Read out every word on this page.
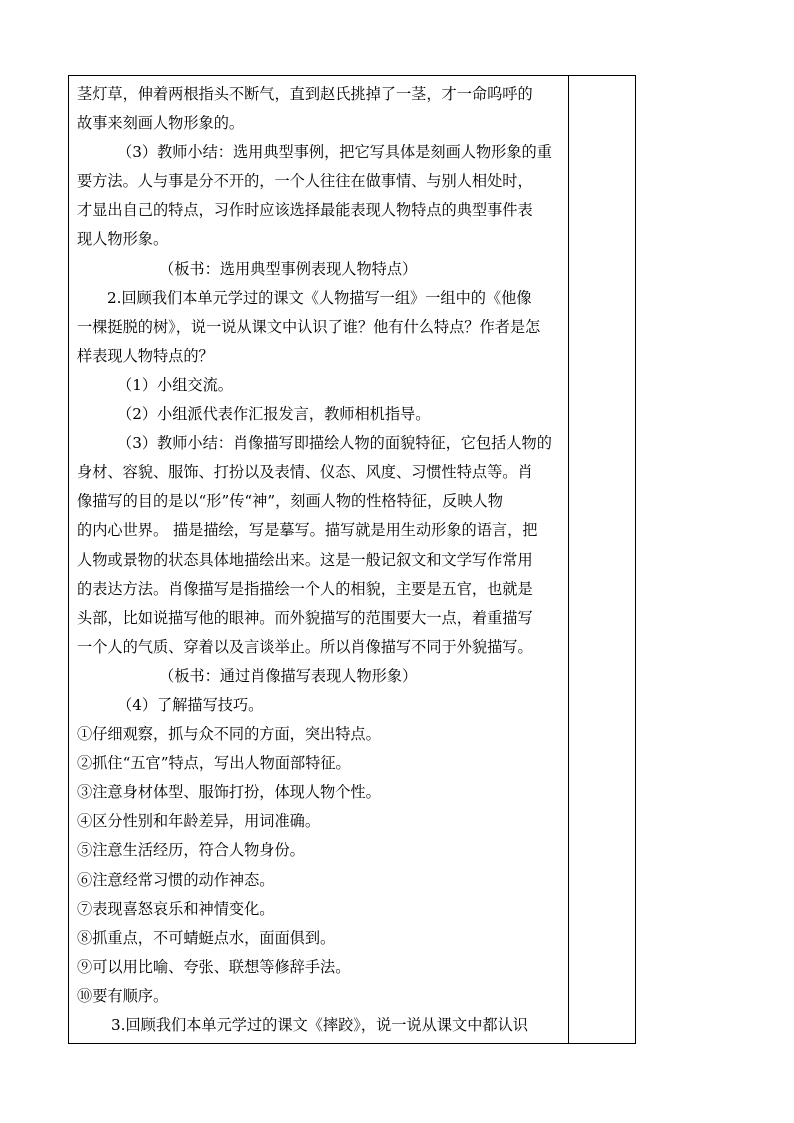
茎灯草，伸着两根指头不断气，直到赵氏挑掉了一茎，才一命呜呼的
故事来刻画人物形象的。
（3）教师小结：选用典型事例，把它写具体是刻画人物形象的重
要方法。人与事是分不开的，一个人往往在做事情、与别人相处时，
才显出自己的特点，习作时应该选择最能表现人物特点的典型事件表
现人物形象。
（板书：选用典型事例表现人物特点）
2.回顾我们本单元学过的课文《人物描写一组》一组中的《他像
一棵挺脱的树》，说一说从课文中认识了谁？他有什么特点？作者是怎
样表现人物特点的？
（1）小组交流。
（2）小组派代表作汇报发言，教师相机指导。
（3）教师小结：肖像描写即描绘人物的面貌特征，它包括人物的
身材、容貌、服饰、打扮以及表情、仪态、风度、习惯性特点等。肖
像描写的目的是以“形”传“神”，刻画人物的性格特征，反映人物
的内心世界。 描是描绘，写是摹写。描写就是用生动形象的语言，把
人物或景物的状态具体地描绘出来。这是一般记叙文和文学写作常用
的表达方法。肖像描写是指描绘一个人的相貌，主要是五官，也就是
头部，比如说描写他的眼神。而外貌描写的范围要大一点，着重描写
一个人的气质、穿着以及言谈举止。所以肖像描写不同于外貌描写。
（板书：通过肖像描写表现人物形象）
（4）了解描写技巧。
①仔细观察，抓与众不同的方面，突出特点。
②抓住“五官”特点，写出人物面部特征。
③注意身材体型、服饰打扮，体现人物个性。
④区分性别和年龄差异，用词准确。
⑤注意生活经历，符合人物身份。
⑥注意经常习惯的动作神态。
⑦表现喜怒哀乐和神情变化。
⑧抓重点，不可蜻蜓点水，面面俱到。
⑨可以用比喻、夸张、联想等修辞手法。
⑩要有顺序。
3.回顾我们本单元学过的课文《摔跤》，说一说从课文中都认识
